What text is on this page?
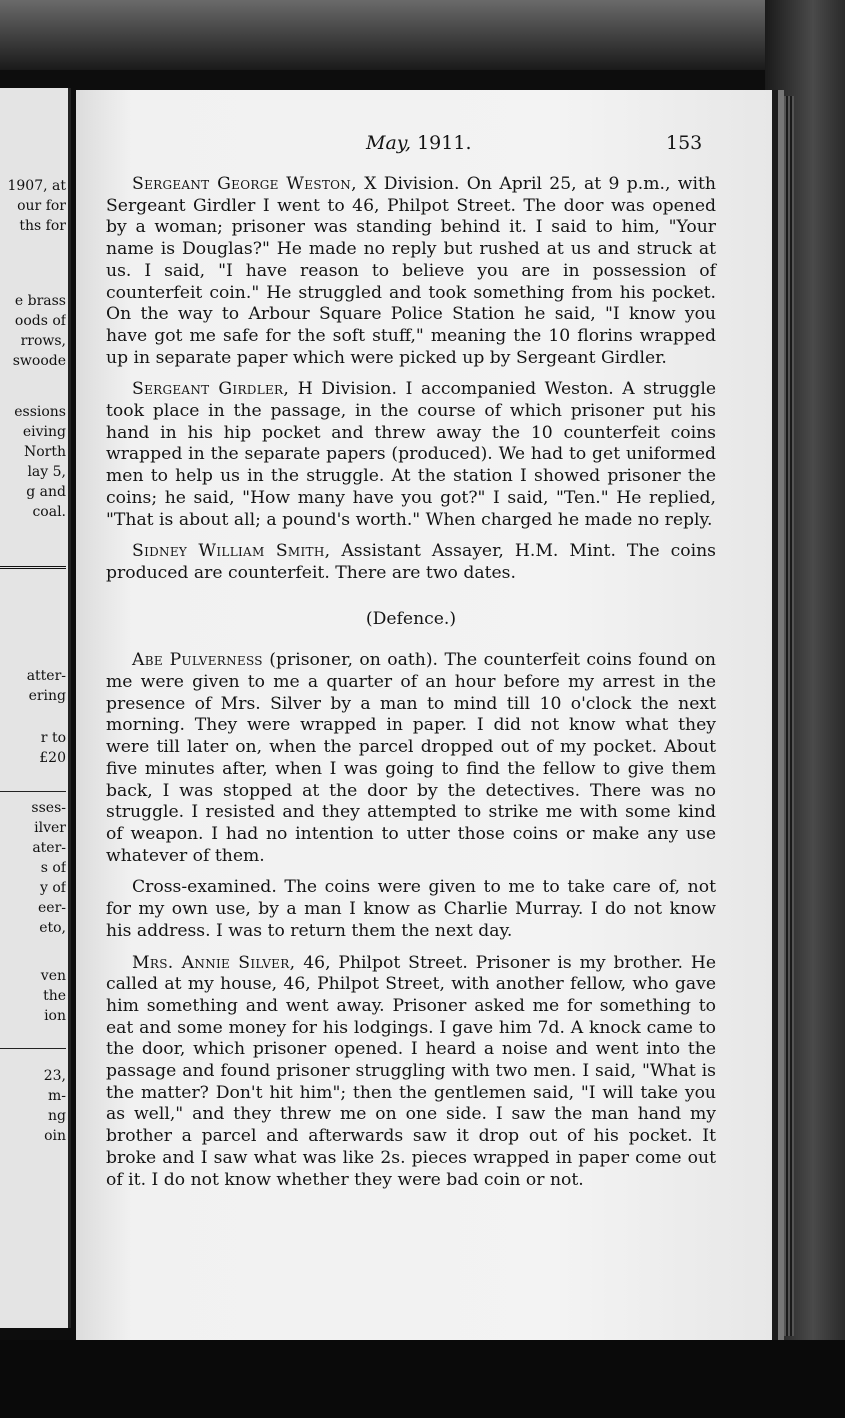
1907, at
our for
ths for
e brass
oods of
rrows,
swoode
essions
eiving
North
lay 5,
g and
coal.
atter-
ering
r to
£20
sses-
ilver
ater-
s of
y of
eer-
eto,
ven
the
ion
23,
m-
ng
oin
May, 1911.	153

Sergeant George Weston, X Division. On April 25, at 9 p.m., with Sergeant Girdler I went to 46, Philpot Street. The door was opened by a woman; prisoner was standing behind it. I said to him, "Your name is Douglas?" He made no reply but rushed at us and struck at us. I said, "I have reason to believe you are in possession of counterfeit coin." He struggled and took something from his pocket. On the way to Arbour Square Police Station he said, "I know you have got me safe for the soft stuff," meaning the 10 florins wrapped up in separate paper which were picked up by Sergeant Girdler.

Sergeant Girdler, H Division. I accompanied Weston. A struggle took place in the passage, in the course of which prisoner put his hand in his hip pocket and threw away the 10 counterfeit coins wrapped in the separate papers (produced). We had to get uniformed men to help us in the struggle. At the station I showed prisoner the coins; he said, "How many have you got?" I said, "Ten." He replied, "That is about all; a pound's worth." When charged he made no reply.

Sidney William Smith, Assistant Assayer, H.M. Mint. The coins produced are counterfeit. There are two dates.

(Defence.)

Abe Pulverness (prisoner, on oath). The counterfeit coins found on me were given to me a quarter of an hour before my arrest in the presence of Mrs. Silver by a man to mind till 10 o'clock the next morning. They were wrapped in paper. I did not know what they were till later on, when the parcel dropped out of my pocket. About five minutes after, when I was going to find the fellow to give them back, I was stopped at the door by the detectives. There was no struggle. I resisted and they attempted to strike me with some kind of weapon. I had no intention to utter those coins or make any use whatever of them.

Cross-examined. The coins were given to me to take care of, not for my own use, by a man I know as Charlie Murray. I do not know his address. I was to return them the next day.

Mrs. Annie Silver, 46, Philpot Street. Prisoner is my brother. He called at my house, 46, Philpot Street, with another fellow, who gave him something and went away. Prisoner asked me for something to eat and some money for his lodgings. I gave him 7d. A knock came to the door, which prisoner opened. I heard a noise and went into the passage and found prisoner struggling with two men. I said, "What is the matter? Don't hit him"; then the gentlemen said, "I will take you as well," and they threw me on one side. I saw the man hand my brother a parcel and afterwards saw it drop out of his pocket. It broke and I saw what was like 2s. pieces wrapped in paper come out of it. I do not know whether they were bad coin or not.
